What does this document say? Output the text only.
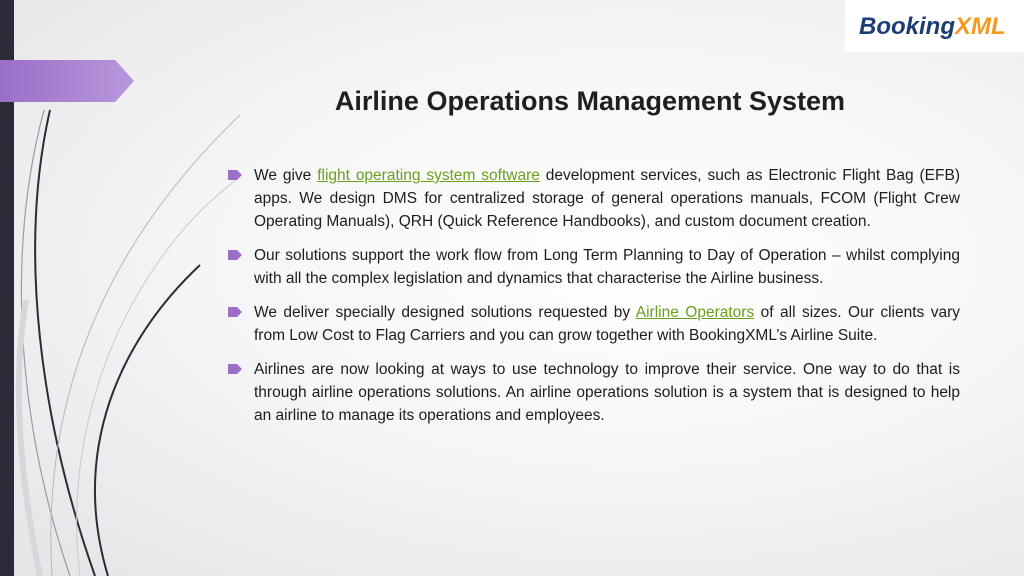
BookingXML
Airline Operations Management System
We give flight operating system software development services, such as Electronic Flight Bag (EFB) apps. We design DMS for centralized storage of general operations manuals, FCOM (Flight Crew Operating Manuals), QRH (Quick Reference Handbooks), and custom document creation.
Our solutions support the work flow from Long Term Planning to Day of Operation – whilst complying with all the complex legislation and dynamics that characterise the Airline business.
We deliver specially designed solutions requested by Airline Operators of all sizes. Our clients vary from Low Cost to Flag Carriers and you can grow together with BookingXML’s Airline Suite.
Airlines are now looking at ways to use technology to improve their service. One way to do that is through airline operations solutions. An airline operations solution is a system that is designed to help an airline to manage its operations and employees.
